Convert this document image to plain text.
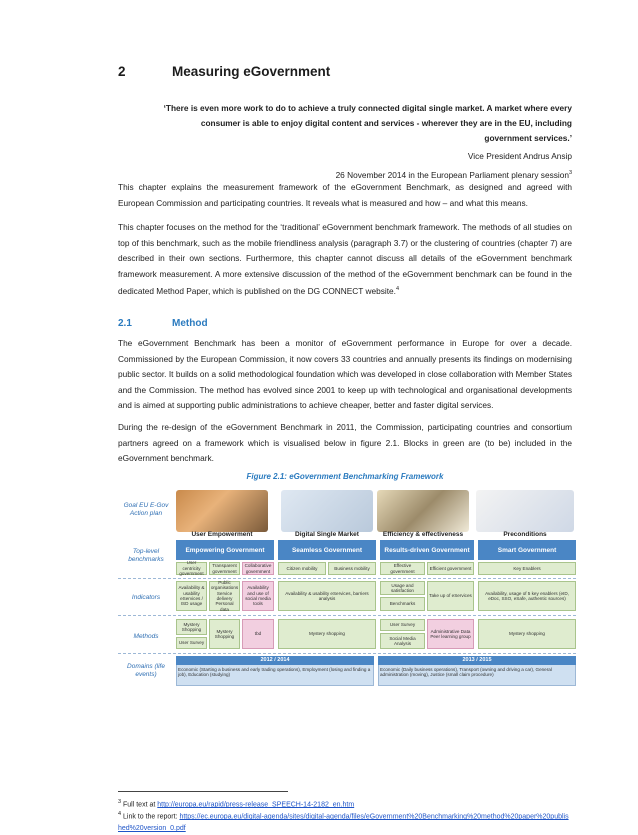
2	Measuring eGovernment
‘There is even more work to do to achieve a truly connected digital single market. A market where every consumer is able to enjoy digital content and services - wherever they are in the EU, including government services.’
Vice President Andrus Ansip
26 November 2014 in the European Parliament plenary session$^3$
This chapter explains the measurement framework of the eGovernment Benchmark, as designed and agreed with European Commission and participating countries. It reveals what is measured and how – and what this means.
This chapter focuses on the method for the ‘traditional’ eGovernment benchmark framework. The methods of all studies on top of this benchmark, such as the mobile friendliness analysis (paragraph 3.7) or the clustering of countries (chapter 7) are described in their own sections. Furthermore, this chapter cannot discuss all details of the eGovernment benchmark framework measurement. A more extensive discussion of the method of the eGovernment benchmark can be found in the dedicated Method Paper, which is published on the DG CONNECT website.$^4$
2.1	Method
The eGovernment Benchmark has been a monitor of eGovernment performance in Europe for over a decade. Commissioned by the European Commission, it now covers 33 countries and annually presents its findings on modernising public sector. It builds on a solid methodological foundation which was developed in close collaboration with Member States and the Commission. The method has evolved since 2001 to keep up with technological and organisational developments and is aimed at supporting public administrations to achieve cheaper, better and faster digital services.
During the re-design of the eGovernment Benchmark in 2011, the Commission, participating countries and consortium partners agreed on a framework which is visualised below in figure 2.1. Blocks in green are (to be) included in the eGovernment benchmark.
Figure 2.1: eGovernment Benchmarking Framework
Goal EU E-Gov Action plan
Top-level benchmarks
Indicators
Methods
Domains (life events)
User Empowerment	Digital Single Market	Efficiency & effectiveness	Preconditions
Empowering Government	Seamless Government	Results-driven Government	Smart Government
User centricity government
Transparent government
Collaborative government
Citizen mobility	Business mobility
Effective government
Efficient government	Key Enablers
Availability & usability eServices / ISD usage
Public organisations Service delivery Personal data
Availability and use of social media tools
Availability & usability eServices, barriers analysis
Usage and satisfaction
Take up of eServices
Benchmarks
Availability, usage of 5 key enablers (eID, eDoc, SSO, eSafe, authentic sources)
Mystery Shopping	Mystery Shopping
tbd
User Survey
Mystery shopping
User Survey
Administrative Data Peer learning group
Social Media Analysis
Mystery shopping
2012 / 2014
Economic (Starting a business and early trading operations), Employment (losing and finding a job), Education (studying)
2013 / 2015
Economic (Daily business operations), Transport (owning and driving a car), General administration (moving), Justice (small claim procedure)
$^3$ Full text at http://europa.eu/rapid/press-release_SPEECH-14-2182_en.htm
$^4$ Link to the report: https://ec.europa.eu/digital-agenda/sites/digital-agenda/files/eGovernment%20Benchmarking%20method%20paper%20published%20version_0.pdf
